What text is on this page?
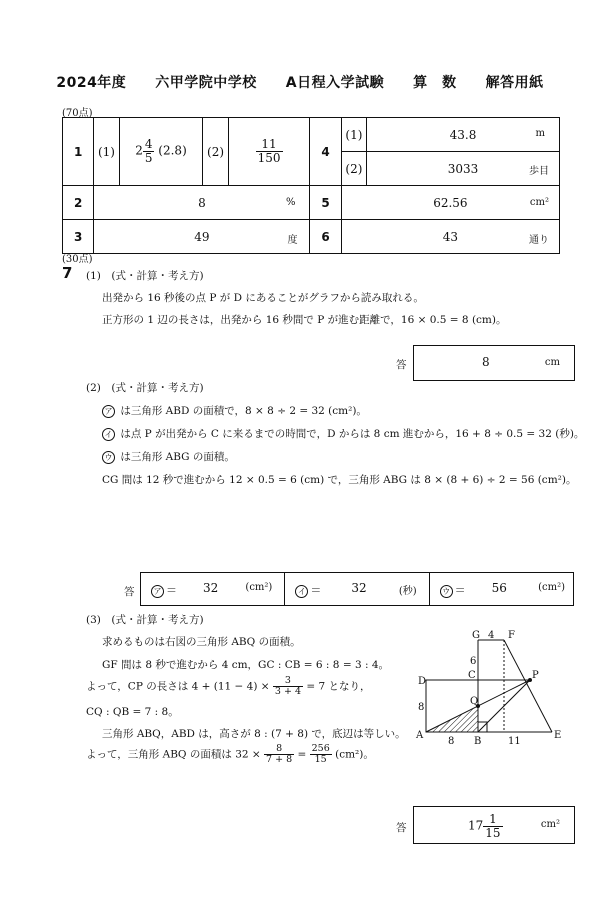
2024年度　　六甲学院中学校　　A日程入学試験　　算　数　　解答用紙
(70点)
1	(1)	$2 \frac{4}{5} (2.8)$	(2)	$\frac{11}{150}$	4	(1)	43.8 m

						(2)	3033 歩目

2	8 %				5	62.56 cm²	

3	49 度				6	43 通り	
(30点)
7 (1)　(式・計算・考え方)
出発から 16 秒後の点 P が D にあることがグラフから読み取れる。
正方形の 1 辺の長さは，出発から 16 秒間で P が進む距離で，16 × 0.5 = 8 (cm)。
答	8	cm
(2)　(式・計算・考え方)
ア は三角形 ABD の面積で，8 × 8 ÷ 2 = 32 (cm²)。
イ は点 P が出発から C に来るまでの時間で，D からは 8 cm 進むから，16 + 8 ÷ 0.5 = 32 (秒)。
ウ は三角形 ABG の面積。
CG 間は 12 秒で進むから 12 × 0.5 = 6 (cm) で，三角形 ABG は 8 × (8 + 6) ÷ 2 = 56 (cm²)。
答	ア ＝ 32	(cm²)	イ ＝	32	(秒)	ウ ＝ 56	(cm²)
(3)　(式・計算・考え方)
求めるものは右図の三角形 ABQ の面積。
GF 間は 8 秒で進むから 4 cm，GC : CB = 6 : 8 = 3 : 4。
よって，CP の長さは $4 + (11 - 4) \times \frac{3}{3 + 4} = 7$ となり，
CQ : QB = 7 : 8。
三角形 ABQ，ABD は，高さが 8 : (7 + 8) で，底辺は等しい。
よって，三角形 ABQ の面積は $32 \times \frac{8}{7 + 8} = \frac{256}{15} (cm^2)$。
G	F
4
6
D
C	P
Q
8
A
B
E
8	11
答	$17 \frac{1}{15}$	cm²
